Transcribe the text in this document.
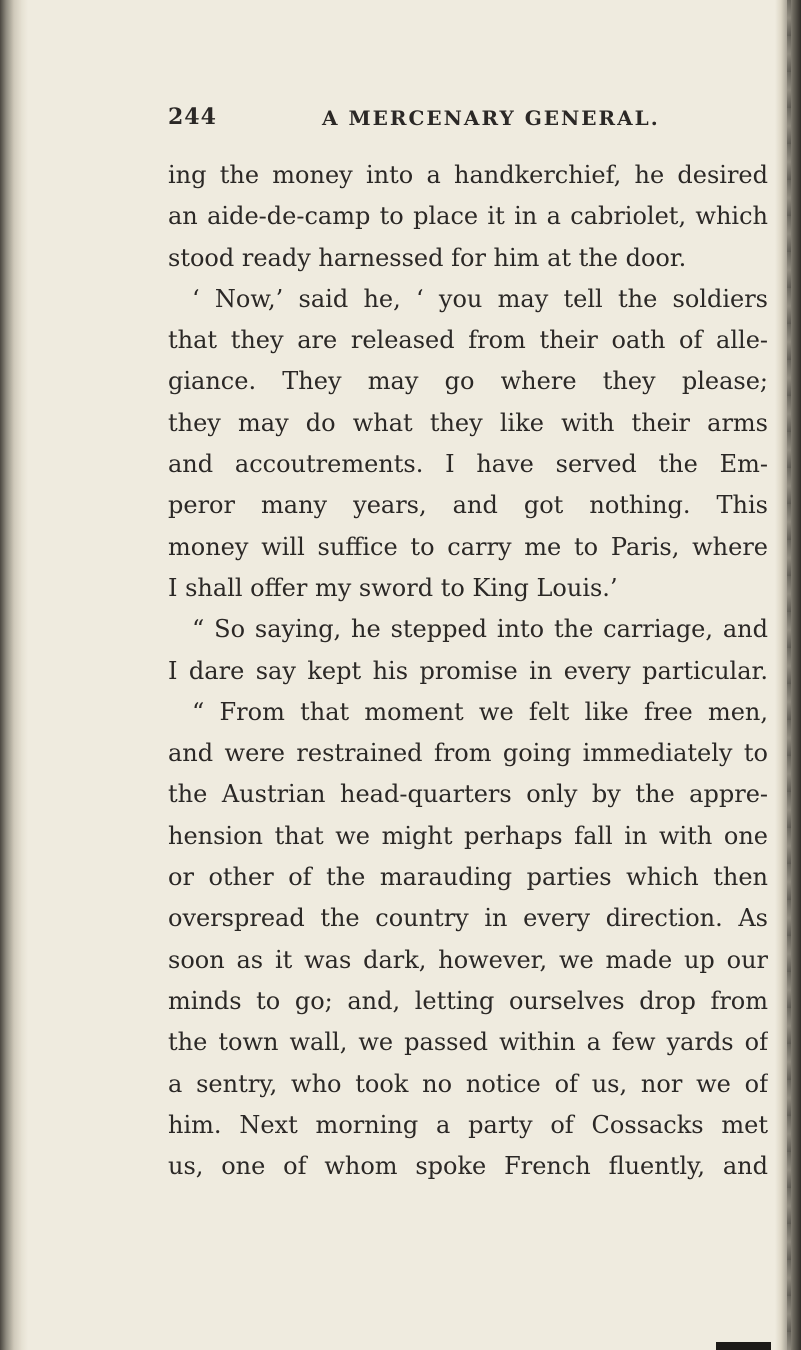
244	A MERCENARY GENERAL.
ing the money into a handkerchief, he desired
an aide-de-camp to place it in a cabriolet, which
stood ready harnessed for him at the door.
‘ Now,’ said he, ‘ you may tell the soldiers
that they are released from their oath of alle-
giance. They may go where they please;
they may do what they like with their arms
and accoutrements. I have served the Em-
peror many years, and got nothing. This
money will suffice to carry me to Paris, where
I shall offer my sword to King Louis.’
“ So saying, he stepped into the carriage, and
I dare say kept his promise in every particular.
“ From that moment we felt like free men,
and were restrained from going immediately to
the Austrian head-quarters only by the appre-
hension that we might perhaps fall in with one
or other of the marauding parties which then
overspread the country in every direction. As
soon as it was dark, however, we made up our
minds to go; and, letting ourselves drop from
the town wall, we passed within a few yards of
a sentry, who took no notice of us, nor we of
him. Next morning a party of Cossacks met
us, one of whom spoke French fluently, and
